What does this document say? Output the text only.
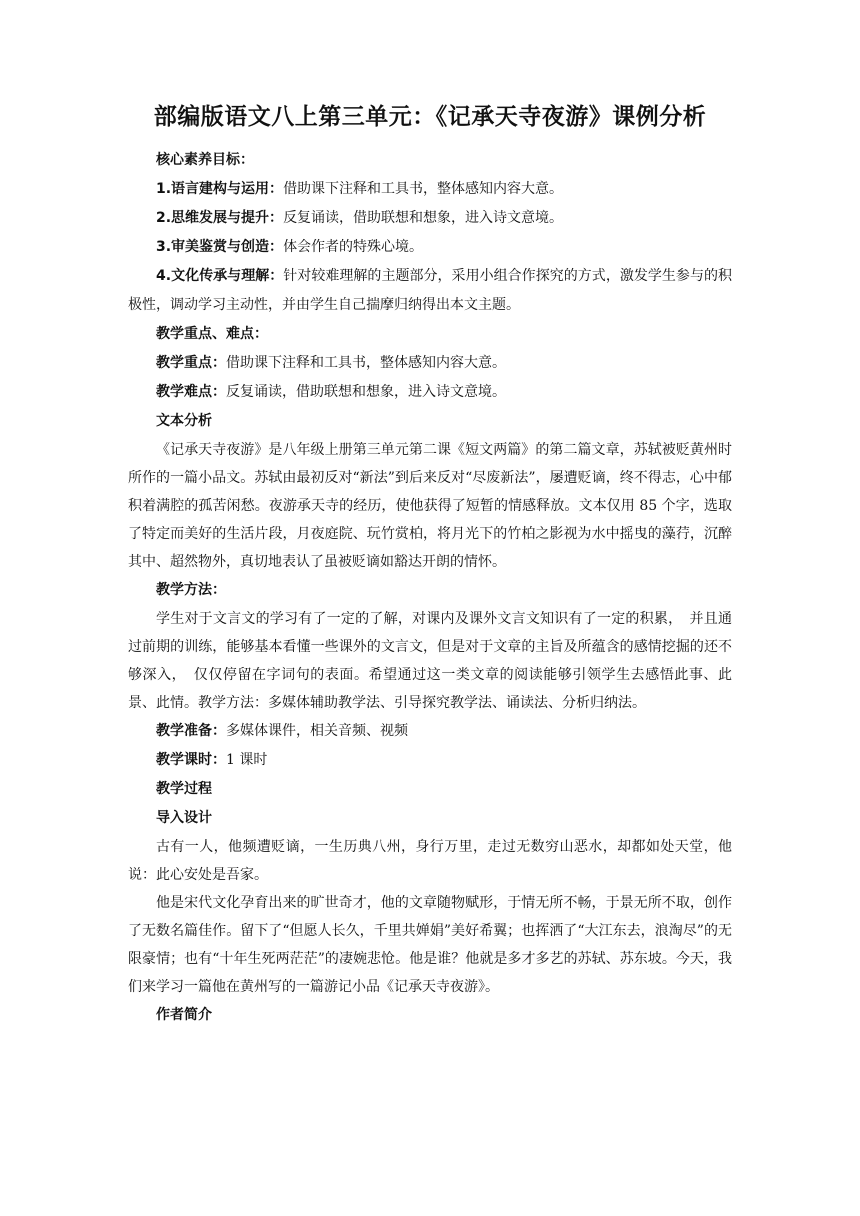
部编版语文八上第三单元：《记承天寺夜游》课例分析

核心素养目标：

1.语言建构与运用：借助课下注释和工具书，整体感知内容大意。

2.思维发展与提升：反复诵读，借助联想和想象，进入诗文意境。

3.审美鉴赏与创造：体会作者的特殊心境。

4.文化传承与理解：针对较难理解的主题部分，采用小组合作探究的方式，激发学生参与的积极性，调动学习主动性，并由学生自己揣摩归纳得出本文主题。

教学重点、难点：

教学重点：借助课下注释和工具书，整体感知内容大意。

教学难点：反复诵读，借助联想和想象，进入诗文意境。

文本分析

《记承天寺夜游》是八年级上册第三单元第二课《短文两篇》的第二篇文章，苏轼被贬黄州时所作的一篇小品文。苏轼由最初反对“新法”到后来反对“尽废新法”，屡遭贬谪，终不得志，心中郁积着满腔的孤苦闲愁。夜游承天寺的经历，使他获得了短暂的情感释放。文本仅用 85 个字，选取了特定而美好的生活片段，月夜庭院、玩竹赏柏，将月光下的竹柏之影视为水中摇曳的藻荇，沉醉其中、超然物外，真切地表认了虽被贬谪如豁达开朗的情怀。

教学方法：

学生对于文言文的学习有了一定的了解，对课内及课外文言文知识有了一定的积累，　并且通过前期的训练，能够基本看懂一些课外的文言文，但是对于文章的主旨及所蕴含的感情挖掘的还不够深入，　仅仅停留在字词句的表面。希望通过这一类文章的阅读能够引领学生去感悟此事、此景、此情。教学方法：多媒体辅助教学法、引导探究教学法、诵读法、分析归纳法。

教学准备：多媒体课件，相关音频、视频

教学课时：1 课时

教学过程

导入设计

古有一人，他频遭贬谪，一生历典八州，身行万里，走过无数穷山恶水，却都如处天堂，他说：此心安处是吾家。

他是宋代文化孕育出来的旷世奇才，他的文章随物赋形，于情无所不畅，于景无所不取，创作了无数名篇佳作。留下了“但愿人长久，千里共婵娟”美好希翼；也挥洒了“大江东去，浪淘尽”的无限豪情；也有“十年生死两茫茫”的凄婉悲怆。他是谁？他就是多才多艺的苏轼、苏东坡。今天，我们来学习一篇他在黄州写的一篇游记小品《记承天寺夜游》。

作者简介
